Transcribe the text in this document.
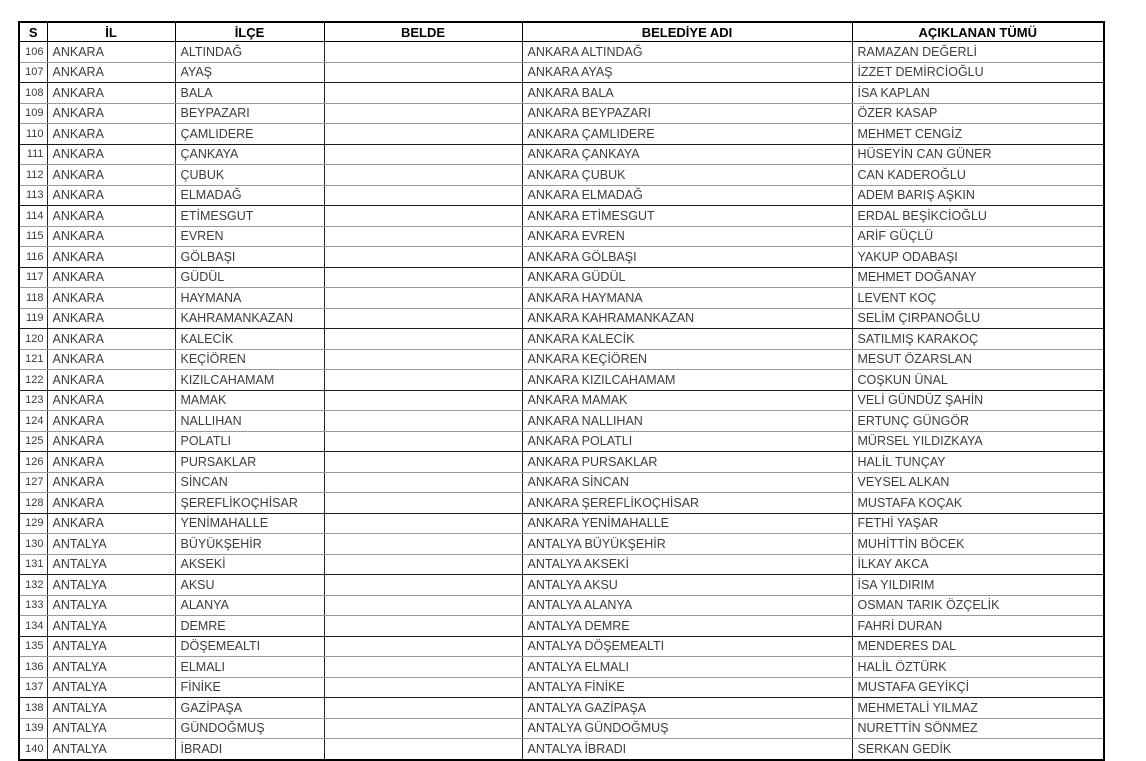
S	İL	İLÇE	BELDE	BELEDİYE ADI	AÇIKLANAN TÜMÜ
106	ANKARA	ALTINDAĞ		ANKARA ALTINDAĞ	RAMAZAN DEĞERLİ
107	ANKARA	AYAŞ		ANKARA AYAŞ	İZZET DEMİRCİOĞLU
108	ANKARA	BALA		ANKARA BALA	İSA KAPLAN
109	ANKARA	BEYPAZARI		ANKARA BEYPAZARI	ÖZER KASAP
110	ANKARA	ÇAMLIDERE		ANKARA ÇAMLIDERE	MEHMET CENGİZ
111	ANKARA	ÇANKAYA		ANKARA ÇANKAYA	HÜSEYİN CAN GÜNER
112	ANKARA	ÇUBUK		ANKARA ÇUBUK	CAN KADEROĞLU
113	ANKARA	ELMADAĞ		ANKARA ELMADAĞ	ADEM BARIŞ AŞKIN
114	ANKARA	ETİMESGUT		ANKARA ETİMESGUT	ERDAL BEŞİKCİOĞLU
115	ANKARA	EVREN		ANKARA EVREN	ARİF GÜÇLÜ
116	ANKARA	GÖLBAŞI		ANKARA GÖLBAŞI	YAKUP ODABAŞI
117	ANKARA	GÜDÜL		ANKARA GÜDÜL	MEHMET DOĞANAY
118	ANKARA	HAYMANA		ANKARA HAYMANA	LEVENT KOÇ
119	ANKARA	KAHRAMANKAZAN		ANKARA KAHRAMANKAZAN	SELİM ÇIRPANOĞLU
120	ANKARA	KALECİK		ANKARA KALECİK	SATILMIŞ KARAKOÇ
121	ANKARA	KEÇİÖREN		ANKARA KEÇİÖREN	MESUT ÖZARSLAN
122	ANKARA	KIZILCAHAMAM		ANKARA KIZILCAHAMAM	COŞKUN ÜNAL
123	ANKARA	MAMAK		ANKARA MAMAK	VELİ GÜNDÜZ ŞAHİN
124	ANKARA	NALLIHAN		ANKARA NALLIHAN	ERTUNÇ GÜNGÖR
125	ANKARA	POLATLI		ANKARA POLATLI	MÜRSEL YILDIZKAYA
126	ANKARA	PURSAKLAR		ANKARA PURSAKLAR	HALİL TUNÇAY
127	ANKARA	SİNCAN		ANKARA SİNCAN	VEYSEL ALKAN
128	ANKARA	ŞEREFLİKOÇHİSAR		ANKARA ŞEREFLİKOÇHİSAR	MUSTAFA KOÇAK
129	ANKARA	YENİMAHALLE		ANKARA YENİMAHALLE	FETHİ YAŞAR
130	ANTALYA	BÜYÜKŞEHİR		ANTALYA BÜYÜKŞEHİR	MUHİTTİN BÖCEK
131	ANTALYA	AKSEKİ		ANTALYA AKSEKİ	İLKAY AKCA
132	ANTALYA	AKSU		ANTALYA AKSU	İSA YILDIRIM
133	ANTALYA	ALANYA		ANTALYA ALANYA	OSMAN TARIK ÖZÇELİK
134	ANTALYA	DEMRE		ANTALYA DEMRE	FAHRİ DURAN
135	ANTALYA	DÖŞEMEALTI		ANTALYA DÖŞEMEALTI	MENDERES DAL
136	ANTALYA	ELMALI		ANTALYA ELMALI	HALİL ÖZTÜRK
137	ANTALYA	FİNİKE		ANTALYA FİNİKE	MUSTAFA GEYİKÇİ
138	ANTALYA	GAZİPAŞA		ANTALYA GAZİPAŞA	MEHMETALİ YILMAZ
139	ANTALYA	GÜNDOĞMUŞ		ANTALYA GÜNDOĞMUŞ	NURETTİN SÖNMEZ
140	ANTALYA	İBRADI		ANTALYA İBRADI	SERKAN GEDİK
